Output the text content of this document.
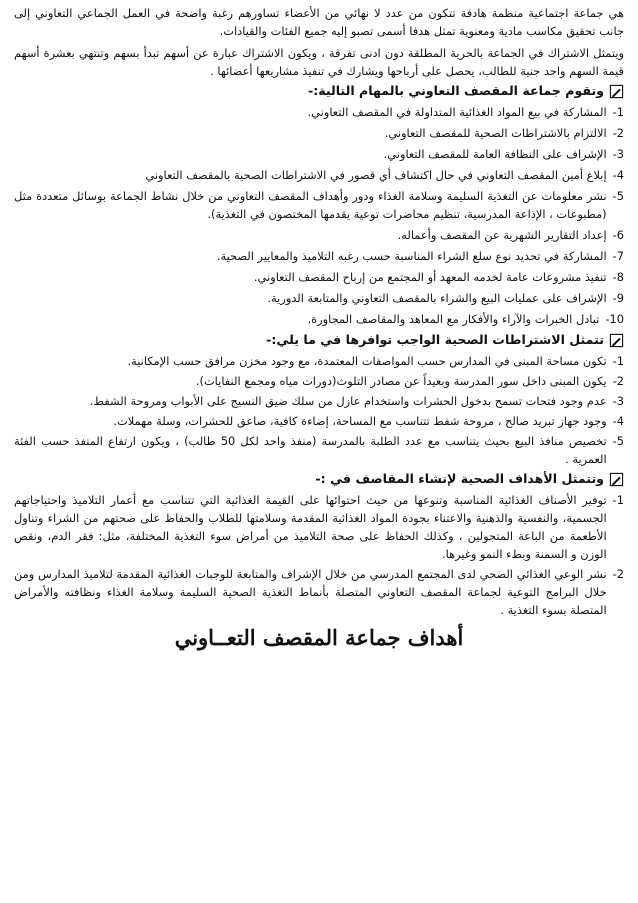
هي جماعة اجتماعية منظمة هادفة تتكون من عدد لا نهائي من الأعضاء تساورهم رغبة واضحة في العمل الجماعي التعاوني إلى جانب تحقيق مكاسب مادية ومعنوية تمثل هدفا أسمى تصبو إليه جميع الفئات والقيادات.

ويتمثل الاشتراك في الجماعة بالحرية المطلقة دون ادنى تفرقة ، ويكون الاشتراك عبارة عن أسهم تبدأ بسهم وتنتهي بعشرة أسهم قيمة السهم واحد جنية للطالب، يحصل على أرباحها ويشارك في تنفيذ مشاريعها أعضائها .

وتقوم جماعة المقصف التعاوني بالمهام التالية:-
1-
المشاركة في بيع المواد الغذائية المتداولة في المقصف التعاوني.
2-
الالتزام بالاشتراطات الصحية للمقصف التعاوني.
3-
الإشراف على النظافة العامة للمقصف التعاوني.
4-
إبلاغ أمين المقصف التعاوني في حال اكتشاف أي قصور في الاشتراطات الصحية بالمقصف التعاوني
5-
نشر معلومات عن التغذية السليمة وسلامة الغذاء ودور وأهداف المقصف التعاوني من خلال نشاط الجماعة بوسائل متعددة مثل (مطبوعات ، الإذاعة المدرسية، تنظيم محاضرات توعية يقدمها المختصون في التغذية).
6-
إعداد التقارير الشهرية عن المقصف وأعماله.
7-
المشاركة في تحديد نوع سلع الشراء المناسبة حسب رغبه التلاميذ والمعايير الصحية.
8-
تنفيذ مشروعات عامة لخدمه المعهد أو المجتمع من إرباح المقصف التعاوني.
9-
الإشراف على عمليات البيع والشراء بالمقصف التعاوني والمتابعة الدورية.
10-
تبادل الخبرات والآراء والأفكار مع المعاهد والمقاصف المجاورة.
تتمثل الاشتراطات الصحية الواجب توافرها في ما يلي:-
1-
تكون مساحة المبنى في المدارس حسب المواصفات المعتمدة، مع وجود مخزن مرافق حسب الإمكانية.
2-
يكون المبنى داخل سور المدرسة وبعيداً عن مصادر التلوث(دورات مياه ومجمع النفايات).
3-
عدم وجود فتحات تسمح بدخول الحشرات واستخدام عازل من سلك ضيق النسيج على الأبواب ومروحة الشفط.
4-
وجود جهاز تبريد صالح ، مروحة شفط تتناسب مع المساحة، إضاءة كافية، صاعق للحشرات، وسلة مهملات.
5-
تخصيص منافذ البيع بحيث يتناسب مع عدد الطلبة بالمدرسة (منفذ واحد لكل 50 طالب) ، ويكون ارتفاع المنفذ حسب الفئة العمرية .
وتتمثل الأهداف الصحية لإنشاء المقاصف في :-
1-
توفير الأصناف الغذائية المناسبة وتنوعها من حيث احتوائها على القيمة الغذائية التي تتناسب مع أعمار التلاميذ واحتياجاتهم الجسمية، والنفسية والذهنية والاعتناء بجودة المواد الغذائية المقدمة وسلامتها للطلاب والحفاظ على صحتهم من الشراء وتناول الأطعمة من الباعة المتجولين ، وكذلك الحفاظ على صحة التلاميذ من أمراض سوء التغذية المختلفة، مثل: فقر الدم، ونقص الوزن و السمنة وبطء النمو وغيرها.
2-
نشر الوعي الغذائي الصحي لدى المجتمع المدرسي من خلال الإشراف والمتابعة للوجبات الغذائية المقدمة لتلاميذ المدارس ومن خلال البرامج التوعية لجماعة المقصف التعاوني المتصلة بأنماط التغذية الصحية السليمة وسلامة الغذاء ونظافته والأمراض المتصلة بسوء التغذية .
أهداف جماعة المقصف التعــاوني
